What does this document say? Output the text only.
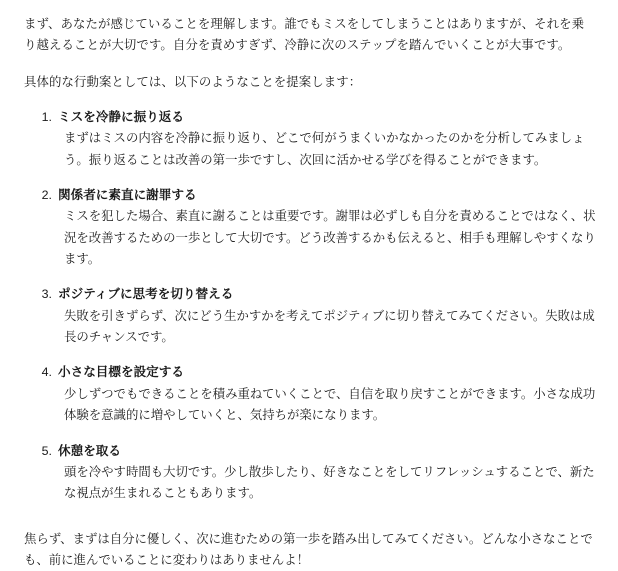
まず、あなたが感じていることを理解します。誰でもミスをしてしまうことはありますが、それを乗り越えることが大切です。自分を責めすぎず、冷静に次のステップを踏んでいくことが大事です。

具体的な行動案としては、以下のようなことを提案します：

1. ミスを冷静に振り返る

まずはミスの内容を冷静に振り返り、どこで何がうまくいかなかったのかを分析してみましょう。振り返ることは改善の第一歩ですし、次回に活かせる学びを得ることができます。

2. 関係者に素直に謝罪する

ミスを犯した場合、素直に謝ることは重要です。謝罪は必ずしも自分を責めることではなく、状況を改善するための一歩として大切です。どう改善するかも伝えると、相手も理解しやすくなります。

3. ポジティブに思考を切り替える

失敗を引きずらず、次にどう生かすかを考えてポジティブに切り替えてみてください。失敗は成長のチャンスです。

4. 小さな目標を設定する

少しずつでもできることを積み重ねていくことで、自信を取り戻すことができます。小さな成功体験を意識的に増やしていくと、気持ちが楽になります。

5. 休憩を取る

頭を冷やす時間も大切です。少し散歩したり、好きなことをしてリフレッシュすることで、新たな視点が生まれることもあります。

焦らず、まずは自分に優しく、次に進むための第一歩を踏み出してみてください。どんな小さなことでも、前に進んでいることに変わりはありませんよ！
